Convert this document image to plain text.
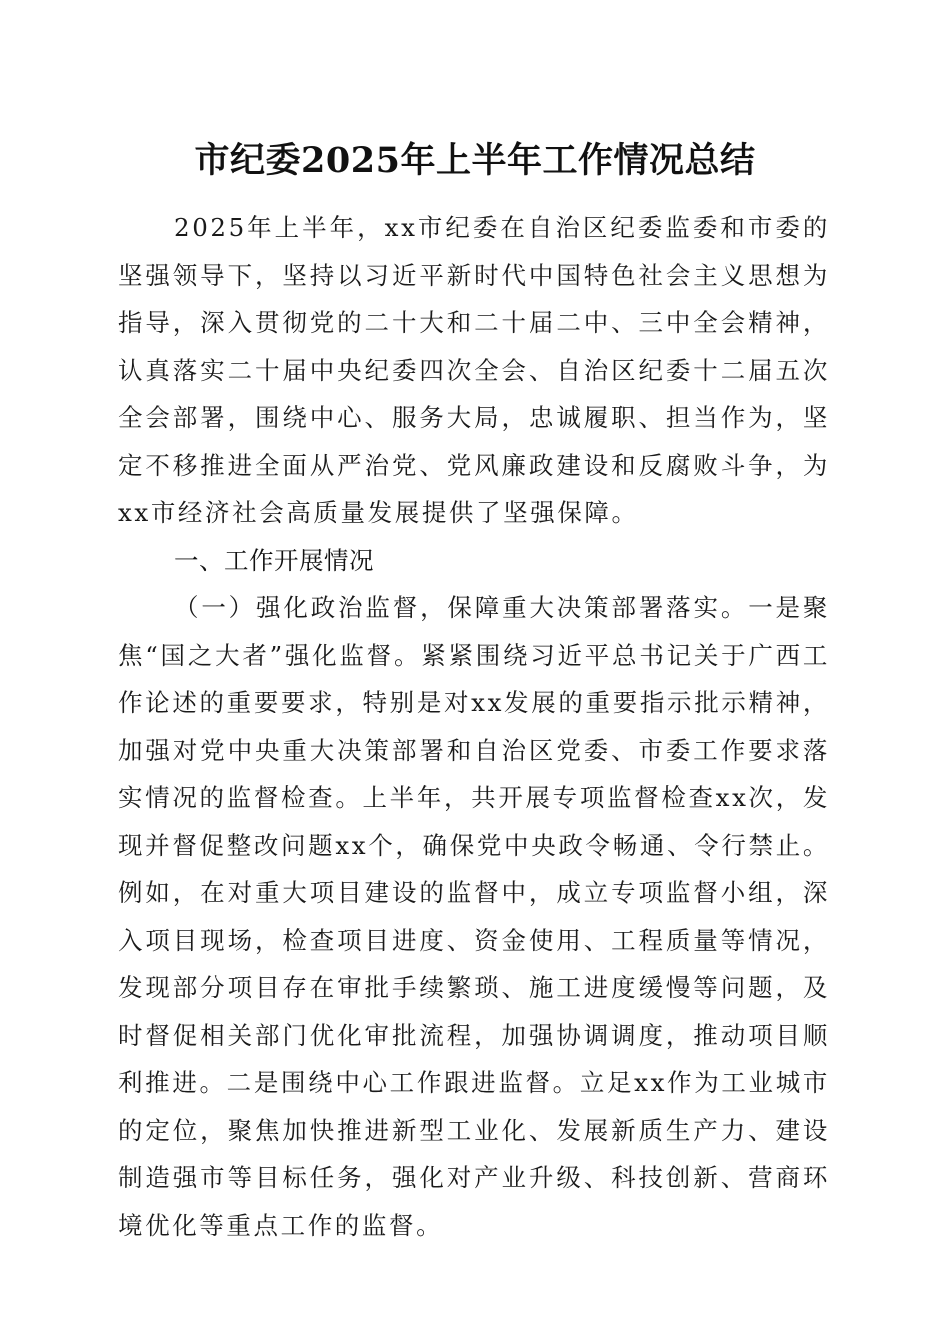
市纪委2025年上半年工作情况总结

2025年上半年，xx市纪委在自治区纪委监委和市委的坚强领导下，坚持以习近平新时代中国特色社会主义思想为指导，深入贯彻党的二十大和二十届二中、三中全会精神，认真落实二十届中央纪委四次全会、自治区纪委十二届五次全会部署，围绕中心、服务大局，忠诚履职、担当作为，坚定不移推进全面从严治党、党风廉政建设和反腐败斗争，为xx市经济社会高质量发展提供了坚强保障。

一、工作开展情况

（一）强化政治监督，保障重大决策部署落实。一是聚焦“国之大者”强化监督。紧紧围绕习近平总书记关于广西工作论述的重要要求，特别是对xx发展的重要指示批示精神，加强对党中央重大决策部署和自治区党委、市委工作要求落实情况的监督检查。上半年，共开展专项监督检查xx次，发现并督促整改问题xx个，确保党中央政令畅通、令行禁止。例如，在对重大项目建设的监督中，成立专项监督小组，深入项目现场，检查项目进度、资金使用、工程质量等情况，发现部分项目存在审批手续繁琐、施工进度缓慢等问题，及时督促相关部门优化审批流程，加强协调调度，推动项目顺利推进。二是围绕中心工作跟进监督。立足xx作为工业城市的定位，聚焦加快推进新型工业化、发展新质生产力、建设制造强市等目标任务，强化对产业升级、科技创新、营商环境优化等重点工作的监督。
